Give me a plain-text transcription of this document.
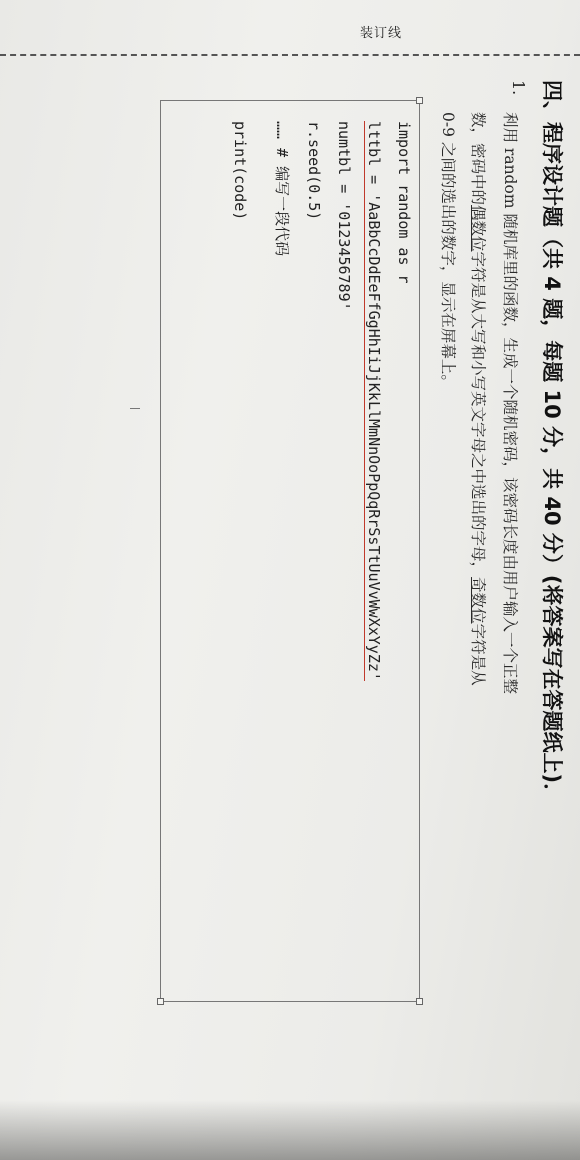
装订线
四、程序设计题（共 4 题，每题 10 分，共 40 分）(将答案写在答题纸上)．
1.
利用 random 随机库里的函数，生成一个随机密码，该密码长度由用户输入一个正整
数，密码中的偶数位字符是从大写和小写英文字母之中选出的字母，奇数位字符是从
0-9 之间的选出的数字，显示在屏幕上。
import random as r
lttbl = 'AaBbCcDdEeFfGgHhIiJjKkLlMmNnOoPpQqRrSsTtUuVvWwXxYyZz'
numtbl = '0123456789'
r.seed(0.5)
…… # 编写一段代码
print(code)
